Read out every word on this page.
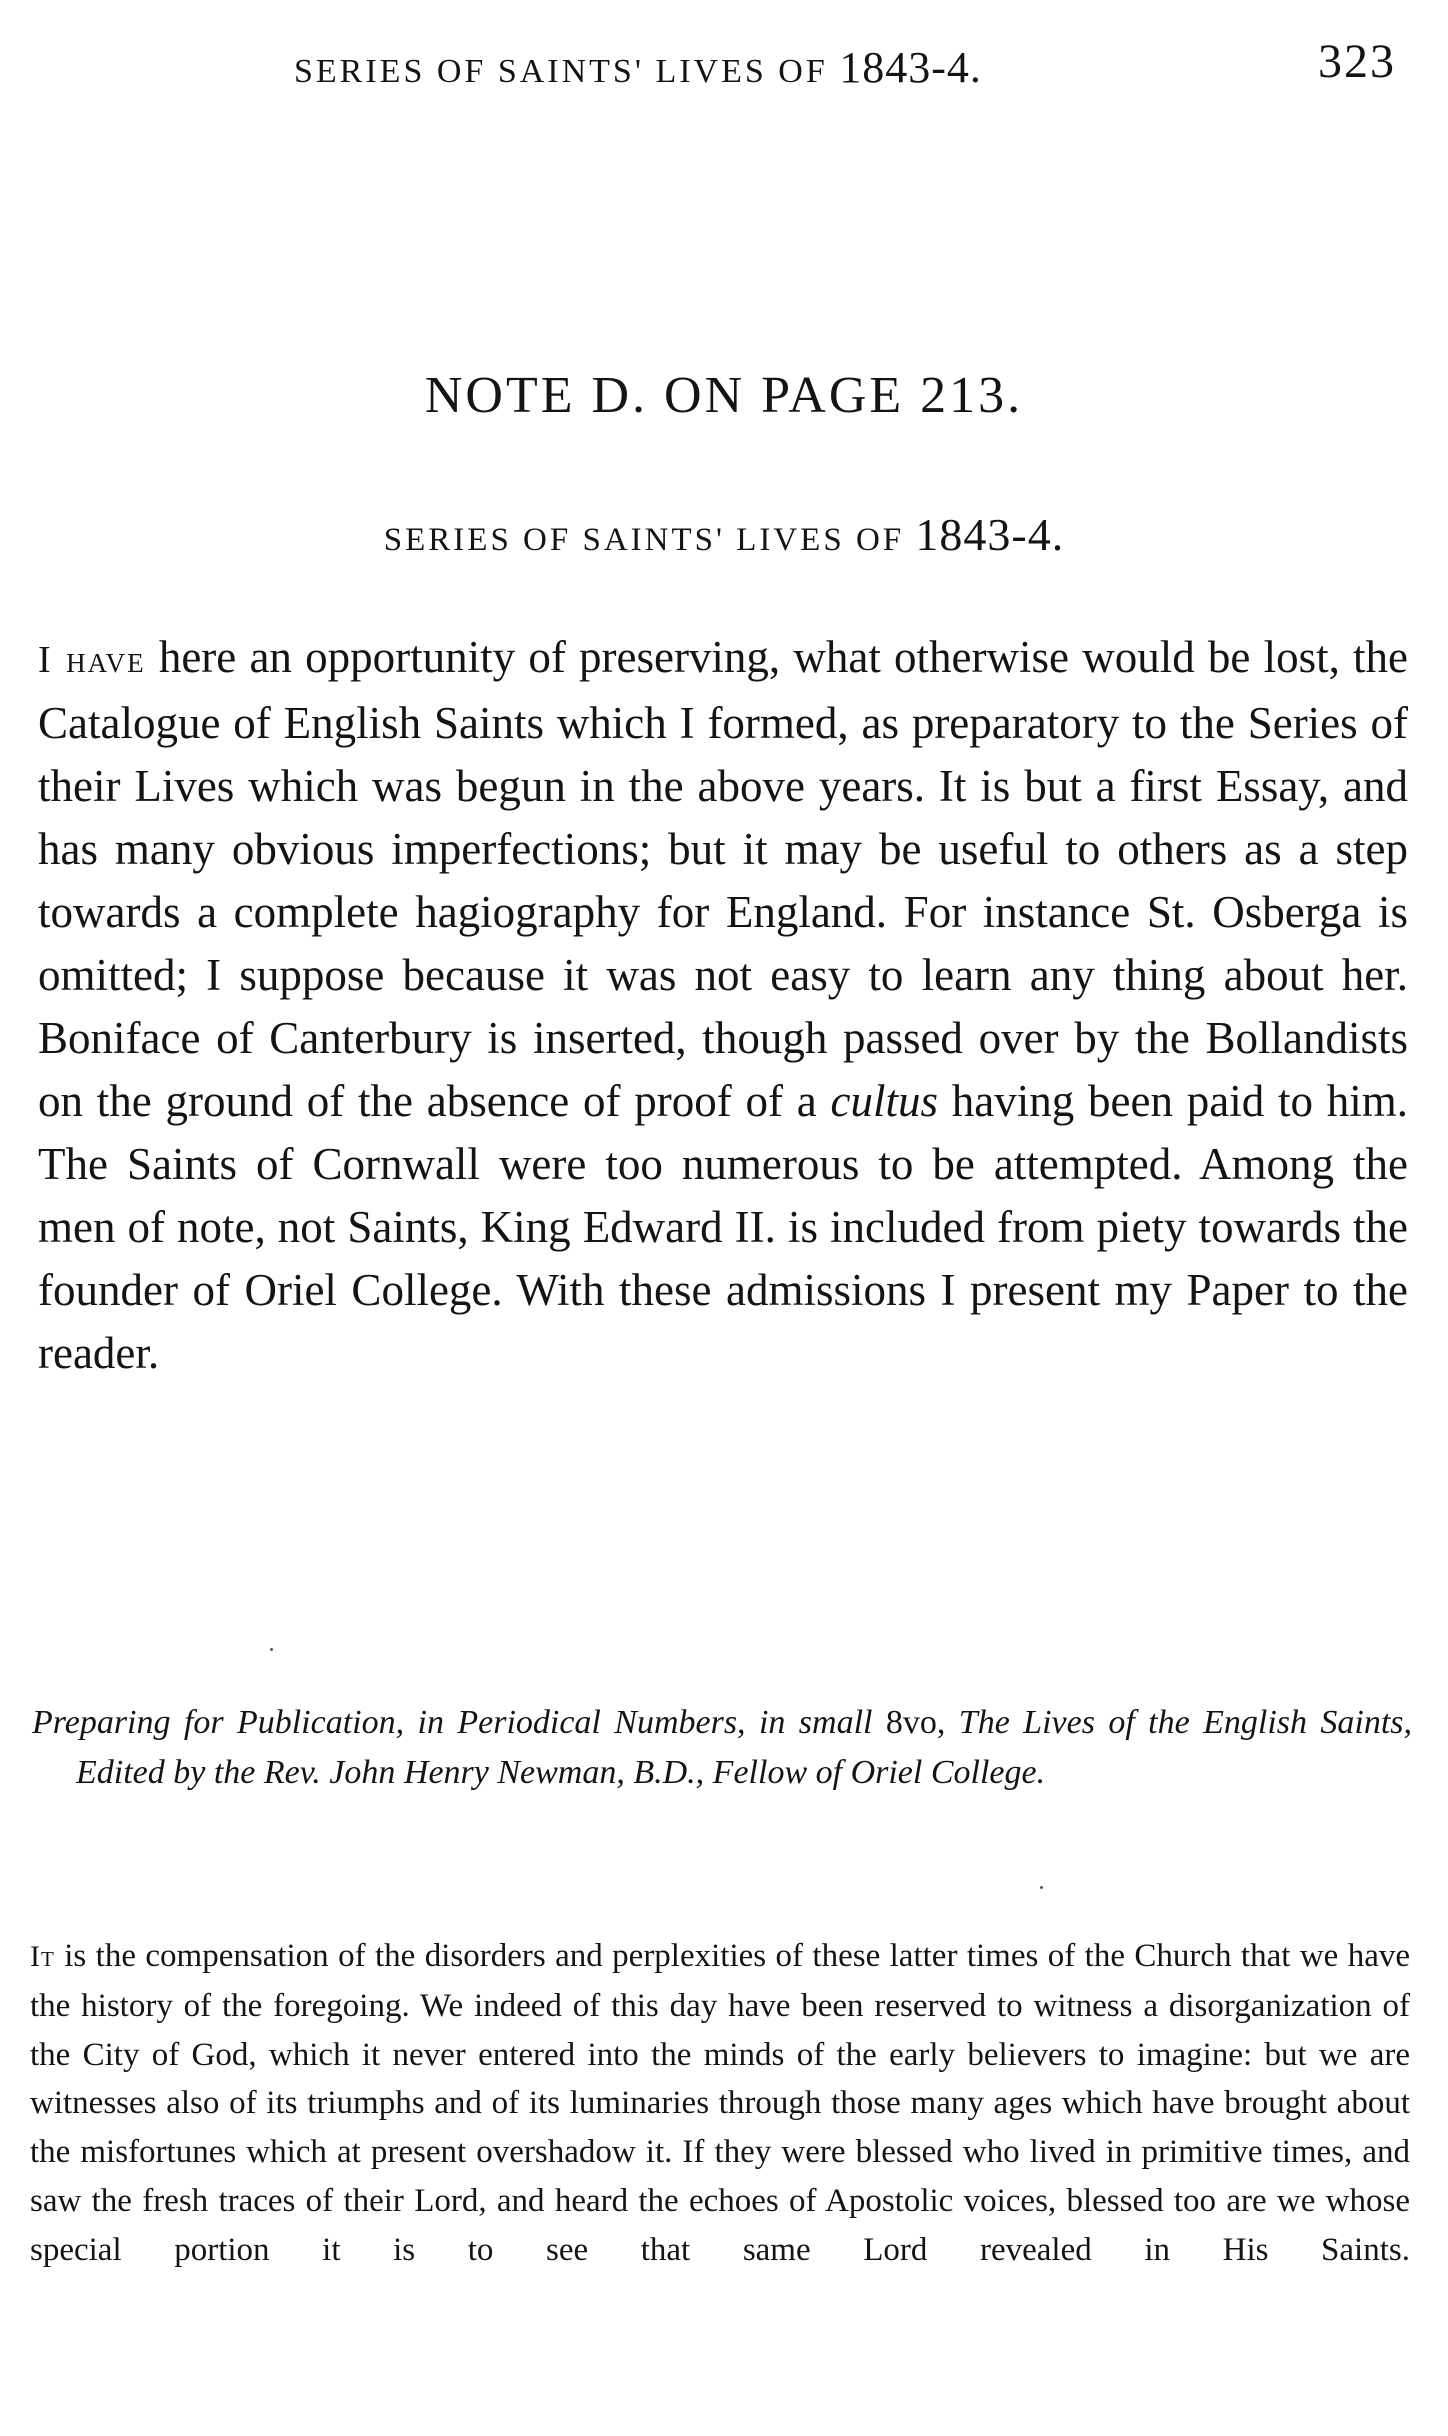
SERIES OF SAINTS' LIVES OF 1843-4.	323
NOTE D. ON PAGE 213.
SERIES OF SAINTS' LIVES OF 1843-4.

I have here an opportunity of preserving, what otherwise would be lost, the Catalogue of English Saints which I formed, as preparatory to the Series of their Lives which was begun in the above years. It is but a first Essay, and has many obvious imperfections; but it may be useful to others as a step towards a complete hagiography for England. For instance St. Osberga is omitted; I suppose because it was not easy to learn any thing about her. Boniface of Canterbury is inserted, though passed over by the Bollandists on the ground of the absence of proof of a cultus having been paid to him. The Saints of Cornwall were too numerous to be attempted. Among the men of note, not Saints, King Edward II. is included from piety towards the founder of Oriel College. With these admissions I present my Paper to the reader.

Preparing for Publication, in Periodical Numbers, in small 8vo, The Lives of the English Saints, Edited by the Rev. John Henry Newman, B.D., Fellow of Oriel College.

It is the compensation of the disorders and perplexities of these latter times of the Church that we have the history of the foregoing. We indeed of this day have been reserved to witness a disorganization of the City of God, which it never entered into the minds of the early believers to imagine: but we are witnesses also of its triumphs and of its luminaries through those many ages which have brought about the misfortunes which at present overshadow it. If they were blessed who lived in primitive times, and saw the fresh traces of their Lord, and heard the echoes of Apostolic voices, blessed too are we whose special portion it is to see that same Lord revealed in His Saints.
